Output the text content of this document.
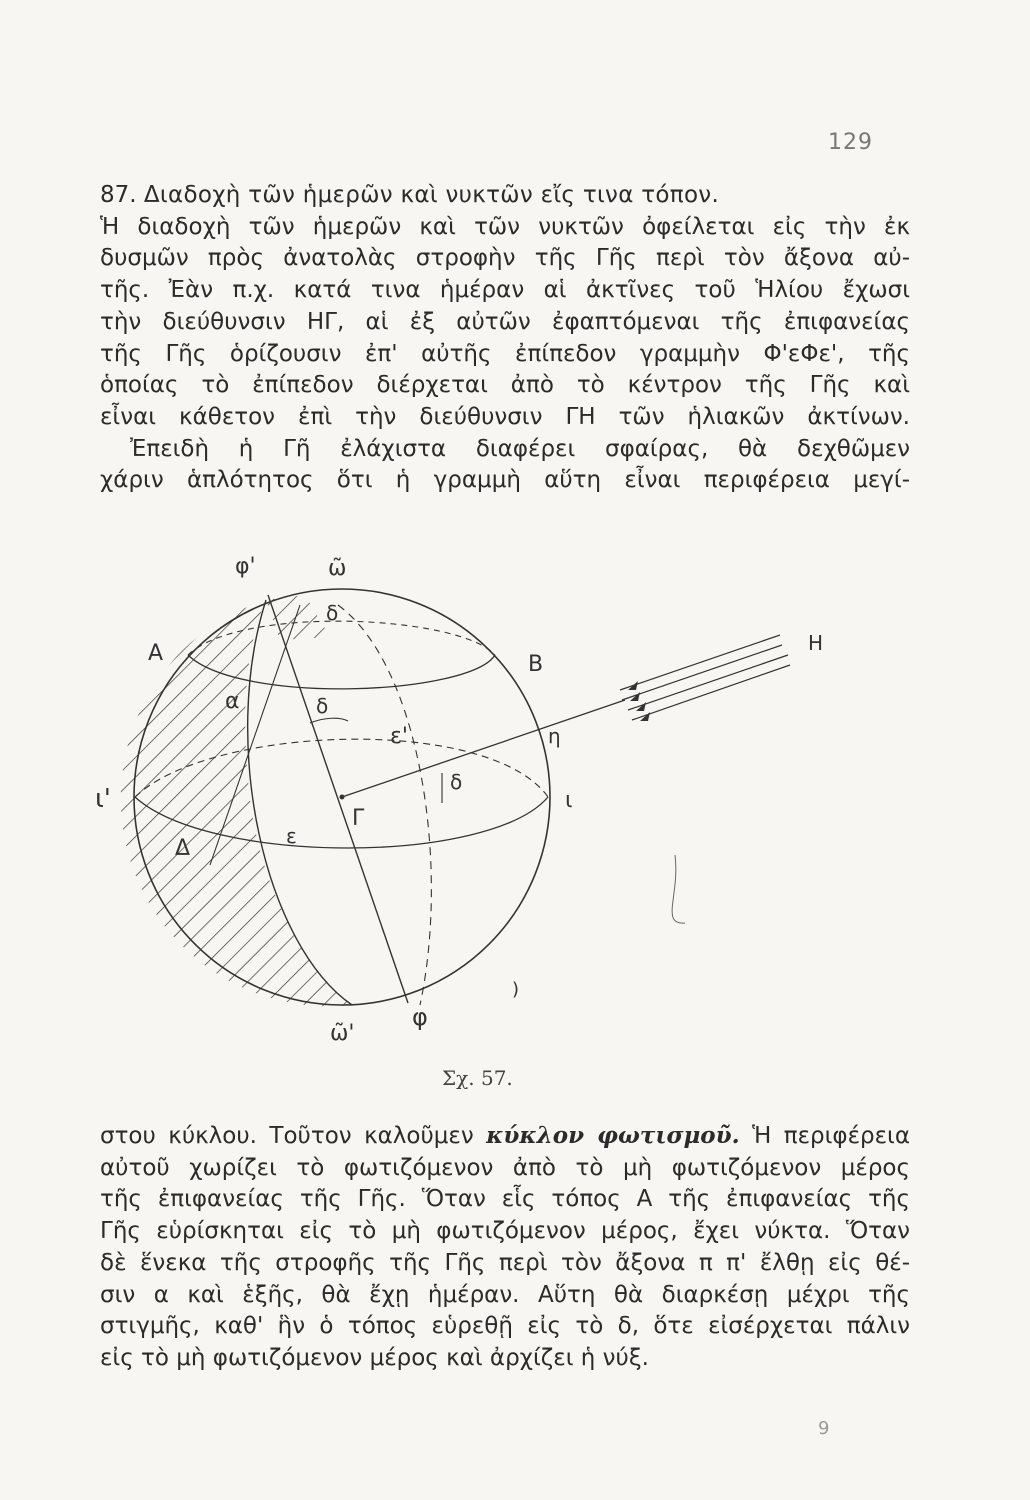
129
87. Διαδοχὴ τῶν ἡμερῶν καὶ νυκτῶν εἴς τινα τόπον.
Ἡ διαδοχὴ τῶν ἡμερῶν καὶ τῶν νυκτῶν ὀφείλεται εἰς τὴν ἐκ
δυσμῶν πρὸς ἀνατολὰς στροφὴν τῆς Γῆς περὶ τὸν ἄξονα αὐ-
τῆς. Ἐὰν π.χ. κατά τινα ἡμέραν αἱ ἀκτῖνες τοῦ Ἡλίου ἔχωσι
τὴν διεύθυνσιν ΗΓ, αἱ ἐξ αὐτῶν ἐφαπτόμεναι τῆς ἐπιφανείας
τῆς Γῆς ὁρίζουσιν ἐπ' αὐτῆς ἐπίπεδον γραμμὴν Φ'εΦε', τῆς
ὁποίας τὸ ἐπίπεδον διέρχεται ἀπὸ τὸ κέντρον τῆς Γῆς καὶ
εἶναι κάθετον ἐπὶ τὴν διεύθυνσιν ΓΗ τῶν ἡλιακῶν ἀκτίνων.
Ἐπειδὴ ἡ Γῆ ἐλάχιστα διαφέρει σφαίρας, θὰ δεχθῶμεν
χάριν ἁπλότητος ὅτι ἡ γραμμὴ αὕτη εἶναι περιφέρεια μεγί-
φ'	ω̃
δ
A	B
H
α	δ
ε'	η
δ
ι'	ι
Γ
ε
Δ
ω̃'
φ
)
Σχ. 57.
στου κύκλου. Τοῦτον καλοῦμεν κύκλον φωτισμοῦ. Ἡ περιφέρεια
αὐτοῦ χωρίζει τὸ φωτιζόμενον ἀπὸ τὸ μὴ φωτιζόμενον μέρος
τῆς ἐπιφανείας τῆς Γῆς. Ὅταν εἷς τόπος Α τῆς ἐπιφανείας τῆς
Γῆς εὑρίσκηται εἰς τὸ μὴ φωτιζόμενον μέρος, ἔχει νύκτα. Ὅταν
δὲ ἕνεκα τῆς στροφῆς τῆς Γῆς περὶ τὸν ἄξονα π π' ἔλθῃ εἰς θέ-
σιν α καὶ ἑξῆς, θὰ ἔχῃ ἡμέραν. Αὕτη θὰ διαρκέσῃ μέχρι τῆς
στιγμῆς, καθ' ἣν ὁ τόπος εὑρεθῇ εἰς τὸ δ, ὅτε εἰσέρχεται πάλιν
εἰς τὸ μὴ φωτιζόμενον μέρος καὶ ἀρχίζει ἡ νύξ.
9
